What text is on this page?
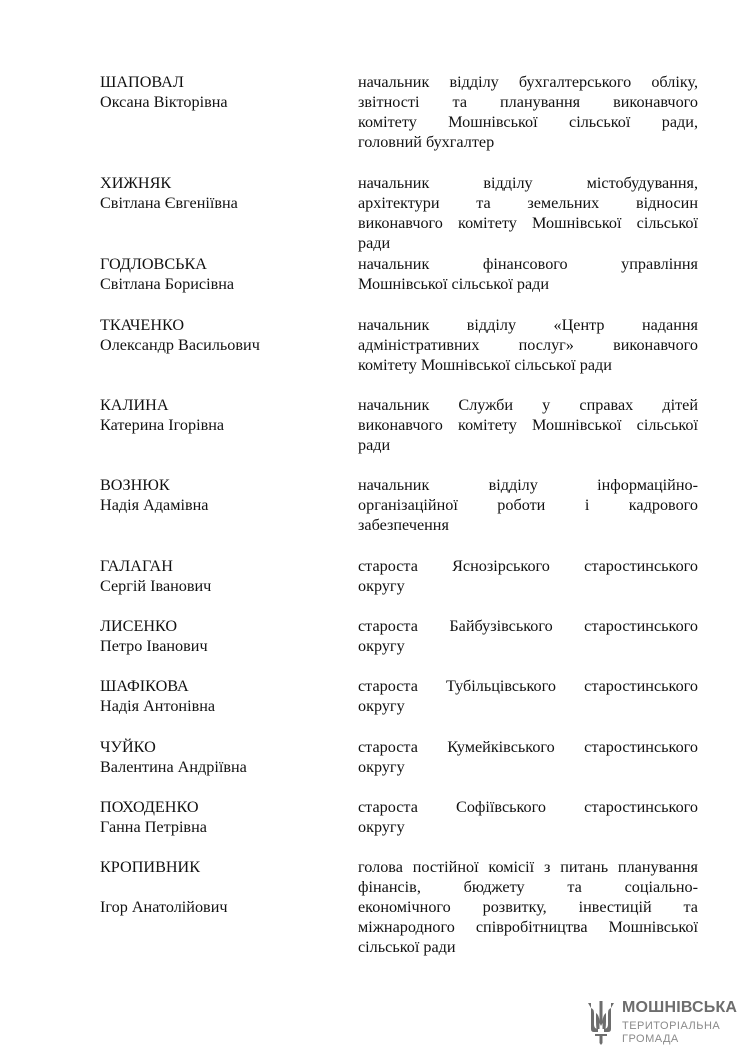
ШАПОВАЛ
Оксана Вікторівна
начальник відділу бухгалтерського обліку,
звітності та планування виконавчого
комітету Мошнівської сільської ради,
головний бухгалтер
ХИЖНЯК
Світлана Євгеніївна
начальник відділу містобудування,
архітектури та земельних відносин
виконавчого комітету Мошнівської сільської
ради
ГОДЛОВСЬКА
Світлана Борисівна
начальник фінансового управління
Мошнівської сільської ради
ТКАЧЕНКО
Олександр Васильович
начальник відділу «Центр надання
адміністративних послуг» виконавчого
комітету Мошнівської сільської ради
КАЛИНА
Катерина Ігорівна
начальник Служби у справах дітей
виконавчого комітету Мошнівської сільської
ради
ВОЗНЮК
Надія Адамівна
начальник відділу інформаційно-
організаційної роботи і кадрового
забезпечення
ГАЛАГАН
Сергій Іванович
староста Яснозірського старостинського
округу
ЛИСЕНКО
Петро Іванович
староста Байбузівського старостинського
округу
ШАФІКОВА
Надія Антонівна
староста Тубільцівського старостинського
округу
ЧУЙКО
Валентина Андріївна
староста Кумейківського старостинського
округу
ПОХОДЕНКО
Ганна Петрівна
староста Софіївського старостинського
округу
КРОПИВНИК
Ігор Анатолійович
голова постійної комісії з питань планування
фінансів, бюджету та соціально-
економічного розвитку, інвестицій та
міжнародного співробітництва Мошнівської
сільської ради
МОШНІВСЬКА
ТЕРИТОРІАЛЬНА
ГРОМАДА
